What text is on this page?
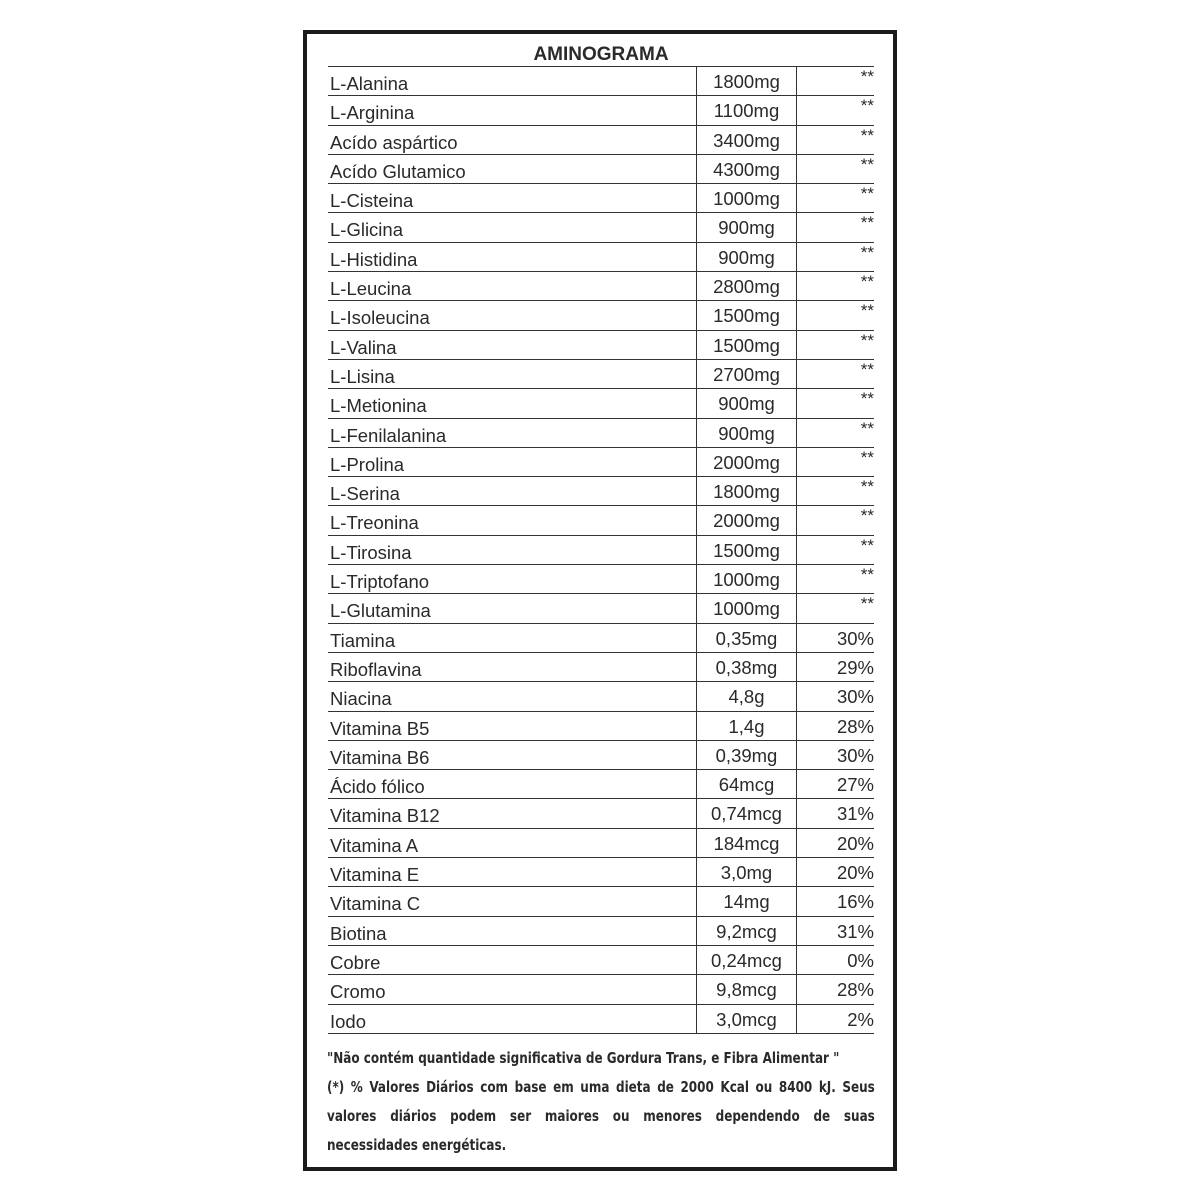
AMINOGRAMA
L-Alanina	1800mg	**
L-Arginina	1100mg	**
Acído aspártico	3400mg	**
Acído Glutamico	4300mg	**
L-Cisteina	1000mg	**
L-Glicina	900mg	**
L-Histidina	900mg	**
L-Leucina	2800mg	**
L-Isoleucina	1500mg	**
L-Valina	1500mg	**
L-Lisina	2700mg	**
L-Metionina	900mg	**
L-Fenilalanina	900mg	**
L-Prolina	2000mg	**
L-Serina	1800mg	**
L-Treonina	2000mg	**
L-Tirosina	1500mg	**
L-Triptofano	1000mg	**
L-Glutamina	1000mg	**
Tiamina	0,35mg	30%
Riboflavina	0,38mg	29%
Niacina	4,8g	30%
Vitamina B5	1,4g	28%
Vitamina B6	0,39mg	30%
Ácido fólico	64mcg	27%
Vitamina B12	0,74mcg	31%
Vitamina A	184mcg	20%
Vitamina E	3,0mg	20%
Vitamina C	14mg	16%
Biotina	9,2mcg	31%
Cobre	0,24mcg	0%
Cromo	9,8mcg	28%
Iodo	3,0mcg	2%

"Não contém quantidade significativa de Gordura Trans, e Fibra Alimentar "

(*) % Valores Diários com base em uma dieta de 2000 Kcal ou 8400 kJ. Seus valores diários podem ser maiores ou menores dependendo de suas necessidades energéticas.
